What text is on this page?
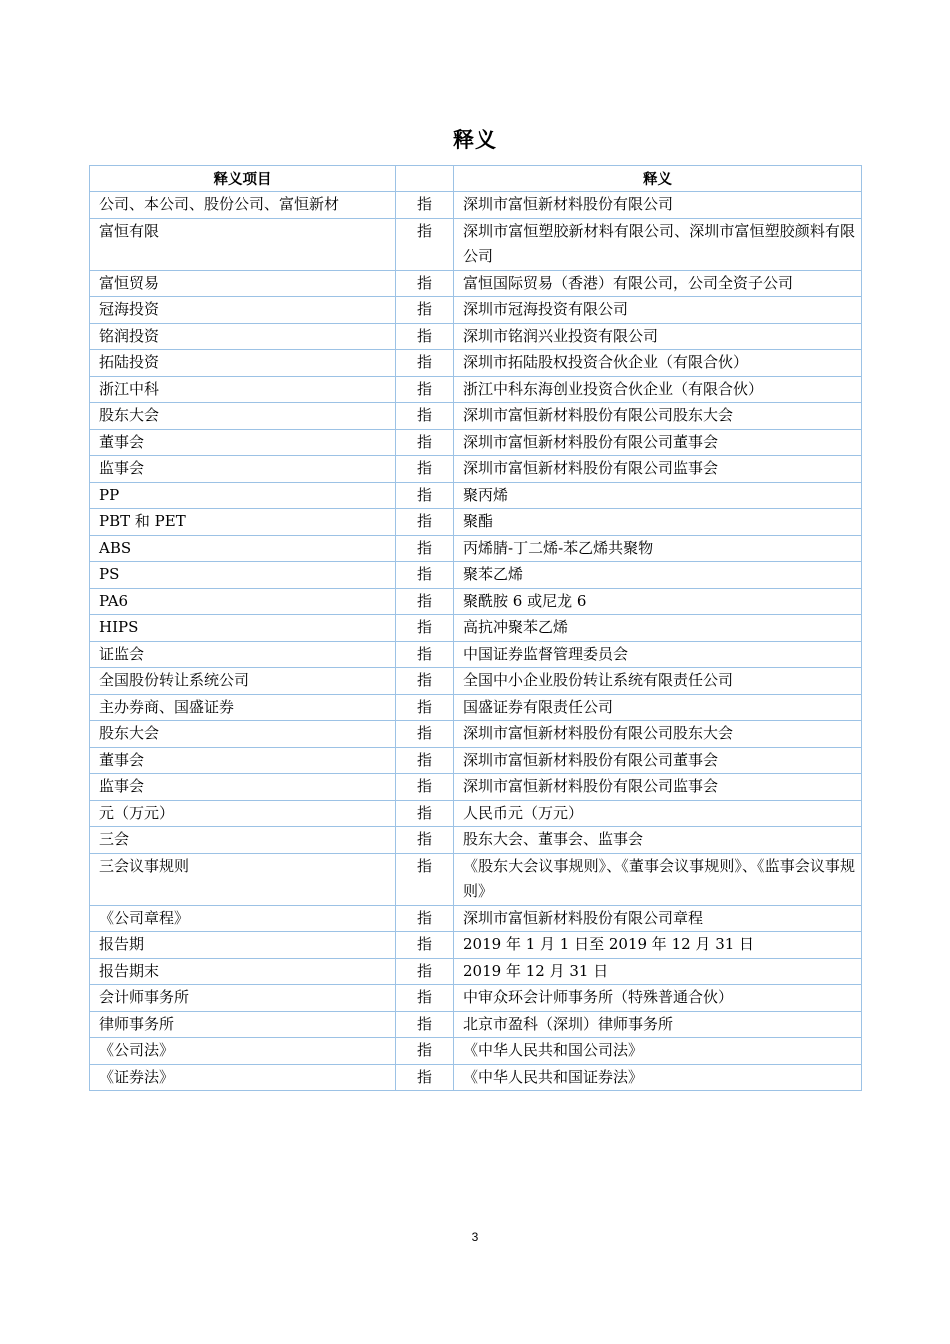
释义
释义项目		释义
公司、本公司、股份公司、富恒新材	指	深圳市富恒新材料股份有限公司
富恒有限	指	深圳市富恒塑胶新材料有限公司、深圳市富恒塑胶颜料有限公司
富恒贸易	指	富恒国际贸易（香港）有限公司，公司全资子公司
冠海投资	指	深圳市冠海投资有限公司
铭润投资	指	深圳市铭润兴业投资有限公司
拓陆投资	指	深圳市拓陆股权投资合伙企业（有限合伙）
浙江中科	指	浙江中科东海创业投资合伙企业（有限合伙）
股东大会	指	深圳市富恒新材料股份有限公司股东大会
董事会	指	深圳市富恒新材料股份有限公司董事会
监事会	指	深圳市富恒新材料股份有限公司监事会
PP	指	聚丙烯
PBT 和 PET	指	聚酯
ABS	指	丙烯腈-丁二烯-苯乙烯共聚物
PS	指	聚苯乙烯
PA6	指	聚酰胺 6 或尼龙 6
HIPS	指	高抗冲聚苯乙烯
证监会	指	中国证券监督管理委员会
全国股份转让系统公司	指	全国中小企业股份转让系统有限责任公司
主办券商、国盛证券	指	国盛证券有限责任公司
股东大会	指	深圳市富恒新材料股份有限公司股东大会
董事会	指	深圳市富恒新材料股份有限公司董事会
监事会	指	深圳市富恒新材料股份有限公司监事会
元（万元）	指	人民币元（万元）
三会	指	股东大会、董事会、监事会
三会议事规则	指	《股东大会议事规则》、《董事会议事规则》、《监事会议事规则》
《公司章程》	指	深圳市富恒新材料股份有限公司章程
报告期	指	2019 年 1 月 1 日至 2019 年 12 月 31 日
报告期末	指	2019 年 12 月 31 日
会计师事务所	指	中审众环会计师事务所（特殊普通合伙）
律师事务所	指	北京市盈科（深圳）律师事务所
《公司法》	指	《中华人民共和国公司法》
《证券法》	指	《中华人民共和国证券法》
3
